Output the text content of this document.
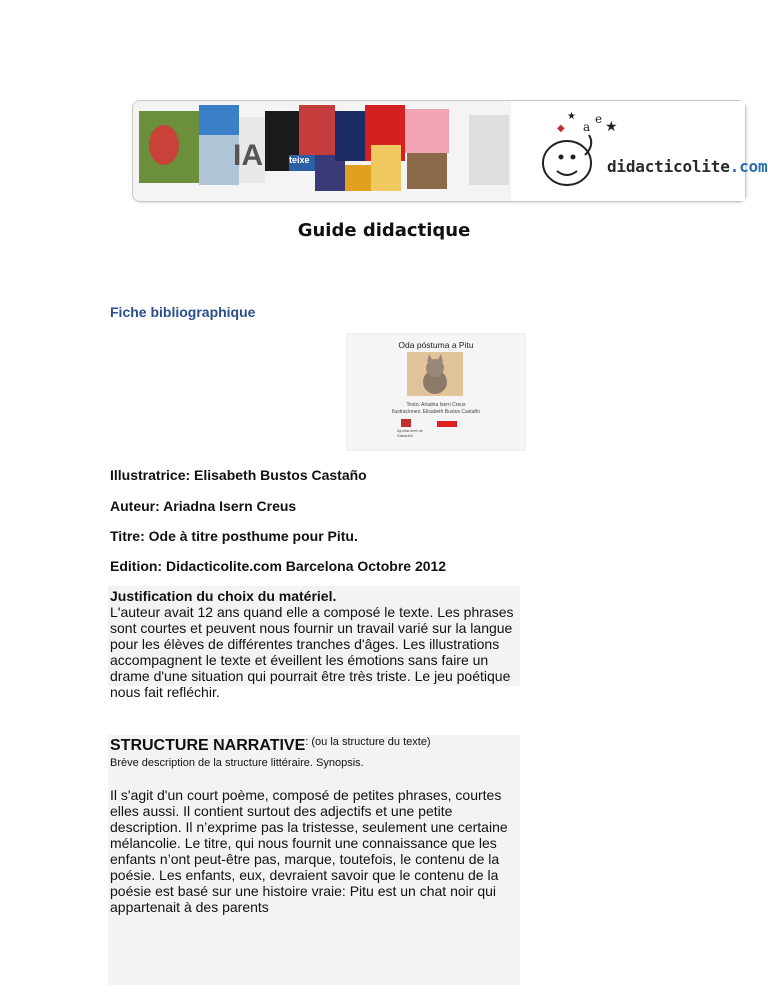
IA	teixe
a
e ★
★
◆
didacticolite.com
Guide didactique
Fiche bibliographique
Oda póstuma a Pitu
Texto: Ariadna Isern Creus
Ilustraciones: Elisabeth Bustos Castaño
Ajuntament de Sabadell
Illustratrice: Elisabeth Bustos Castaño
Auteur: Ariadna Isern Creus
Titre: Ode à titre posthume pour Pitu.
Edition: Didacticolite.com Barcelona Octobre 2012
Justification du choix du matériel.
L'auteur avait 12 ans quand elle a composé le texte. Les phrases sont courtes et peuvent nous fournir un travail varié sur la langue pour les élèves de différentes tranches d'âges. Les illustrations accompagnent le texte et éveillent les émotions sans faire un drame d'une situation qui pourrait être très triste. Le jeu poétique nous fait refléchir.
STRUCTURE $NARRATIVE^{: (ou la structure du texte)}$
Brève description de la structure littéraire. Synopsis.
Il s'agit d'un court poème, composé de petites phrases, courtes elles aussi. Il contient surtout des adjectifs et une petite description. Il n’exprime pas la tristesse, seulement une certaine mélancolie. Le titre, qui nous fournit une connaissance que les enfants n’ont peut-être pas, marque, toutefois, le contenu de la poésie. Les enfants, eux, devraient savoir que le contenu de la poésie est basé sur une histoire vraie: Pitu est un chat noir qui appartenait à des parents
